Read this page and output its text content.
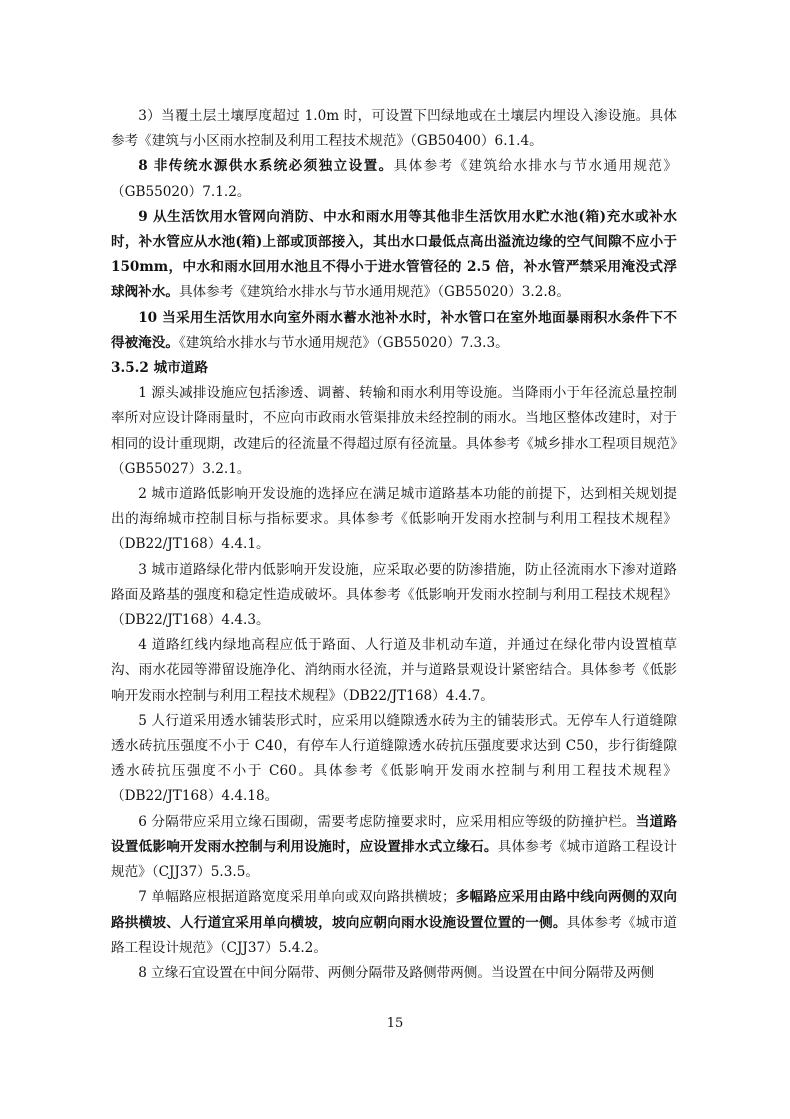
3）当覆土层土壤厚度超过 1.0m 时，可设置下凹绿地或在土壤层内埋设入渗设施。具体参考《建筑与小区雨水控制及利用工程技术规范》（GB50400）6.1.4。

8 非传统水源供水系统必须独立设置。具体参考《建筑给水排水与节水通用规范》（GB55020）7.1.2。

9 从生活饮用水管网向消防、中水和雨水用等其他非生活饮用水贮水池(箱)充水或补水时，补水管应从水池(箱)上部或顶部接入，其出水口最低点高出溢流边缘的空气间隙不应小于 150mm，中水和雨水回用水池且不得小于进水管管径的 2.5 倍，补水管严禁采用淹没式浮球阀补水。具体参考《建筑给水排水与节水通用规范》（GB55020）3.2.8。

10 当采用生活饮用水向室外雨水蓄水池补水时，补水管口在室外地面暴雨积水条件下不得被淹没。《建筑给水排水与节水通用规范》（GB55020）7.3.3。

3.5.2 城市道路

1 源头减排设施应包括渗透、调蓄、转输和雨水利用等设施。当降雨小于年径流总量控制率所对应设计降雨量时，不应向市政雨水管渠排放未经控制的雨水。当地区整体改建时，对于相同的设计重现期，改建后的径流量不得超过原有径流量。具体参考《城乡排水工程项目规范》（GB55027）3.2.1。

2 城市道路低影响开发设施的选择应在满足城市道路基本功能的前提下，达到相关规划提出的海绵城市控制目标与指标要求。具体参考《低影响开发雨水控制与利用工程技术规程》（DB22/JT168）4.4.1。

3 城市道路绿化带内低影响开发设施，应采取必要的防渗措施，防止径流雨水下渗对道路路面及路基的强度和稳定性造成破坏。具体参考《低影响开发雨水控制与利用工程技术规程》（DB22/JT168）4.4.3。

4 道路红线内绿地高程应低于路面、人行道及非机动车道，并通过在绿化带内设置植草沟、雨水花园等滞留设施净化、消纳雨水径流，并与道路景观设计紧密结合。具体参考《低影响开发雨水控制与利用工程技术规程》（DB22/JT168）4.4.7。

5 人行道采用透水铺装形式时，应采用以缝隙透水砖为主的铺装形式。无停车人行道缝隙透水砖抗压强度不小于 C40，有停车人行道缝隙透水砖抗压强度要求达到 C50，步行街缝隙透水砖抗压强度不小于 C60。具体参考《低影响开发雨水控制与利用工程技术规程》（DB22/JT168）4.4.18。

6 分隔带应采用立缘石围砌，需要考虑防撞要求时，应采用相应等级的防撞护栏。当道路设置低影响开发雨水控制与利用设施时，应设置排水式立缘石。具体参考《城市道路工程设计规范》（CJJ37）5.3.5。

7 单幅路应根据道路宽度采用单向或双向路拱横坡；多幅路应采用由路中线向两侧的双向路拱横坡、人行道宜采用单向横坡，坡向应朝向雨水设施设置位置的一侧。具体参考《城市道路工程设计规范》（CJJ37）5.4.2。

8 立缘石宜设置在中间分隔带、两侧分隔带及路侧带两侧。当设置在中间分隔带及两侧

15
